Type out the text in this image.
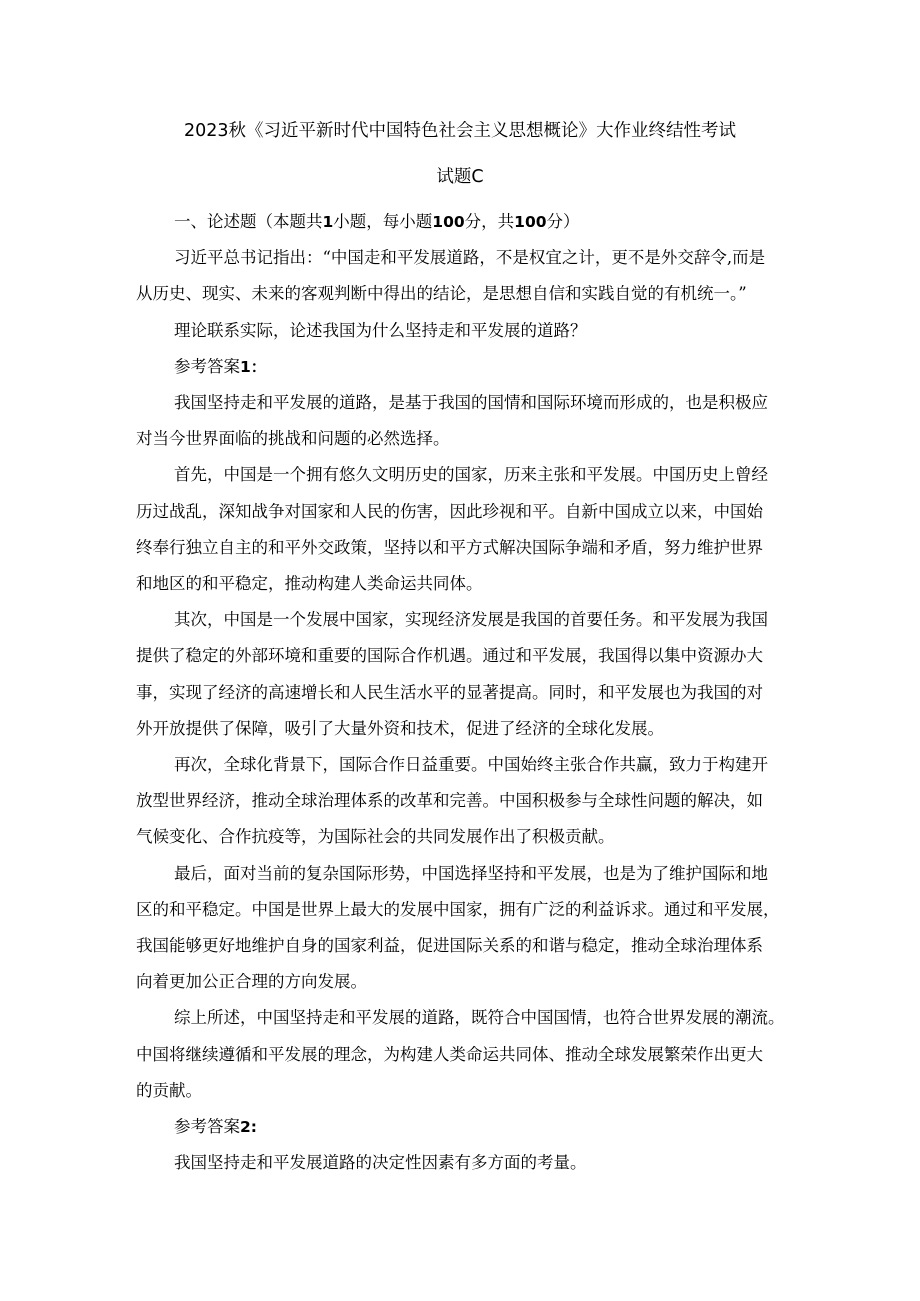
2023秋《习近平新时代中国特色社会主义思想概论》大作业终结性考试
试题C
一、论述题（本题共1小题，每小题100分，共100分）
习近平总书记指出：“中国走和平发展道路，不是权宜之计，更不是外交辞令,而是
从历史、现实、未来的客观判断中得出的结论，是思想自信和实践自觉的有机统一。”
理论联系实际，论述我国为什么坚持走和平发展的道路？
参考答案1：
我国坚持走和平发展的道路，是基于我国的国情和国际环境而形成的，也是积极应
对当今世界面临的挑战和问题的必然选择。
首先，中国是一个拥有悠久文明历史的国家，历来主张和平发展。中国历史上曾经
历过战乱，深知战争对国家和人民的伤害，因此珍视和平。自新中国成立以来，中国始
终奉行独立自主的和平外交政策，坚持以和平方式解决国际争端和矛盾，努力维护世界
和地区的和平稳定，推动构建人类命运共同体。
其次，中国是一个发展中国家，实现经济发展是我国的首要任务。和平发展为我国
提供了稳定的外部环境和重要的国际合作机遇。通过和平发展，我国得以集中资源办大
事，实现了经济的高速增长和人民生活水平的显著提高。同时，和平发展也为我国的对
外开放提供了保障，吸引了大量外资和技术，促进了经济的全球化发展。
再次，全球化背景下，国际合作日益重要。中国始终主张合作共赢，致力于构建开
放型世界经济，推动全球治理体系的改革和完善。中国积极参与全球性问题的解决，如
气候变化、合作抗疫等，为国际社会的共同发展作出了积极贡献。
最后，面对当前的复杂国际形势，中国选择坚持和平发展，也是为了维护国际和地
区的和平稳定。中国是世界上最大的发展中国家，拥有广泛的利益诉求。通过和平发展，
我国能够更好地维护自身的国家利益，促进国际关系的和谐与稳定，推动全球治理体系
向着更加公正合理的方向发展。
综上所述，中国坚持走和平发展的道路，既符合中国国情，也符合世界发展的潮流。
中国将继续遵循和平发展的理念，为构建人类命运共同体、推动全球发展繁荣作出更大
的贡献。
参考答案2:
我国坚持走和平发展道路的决定性因素有多方面的考量。
